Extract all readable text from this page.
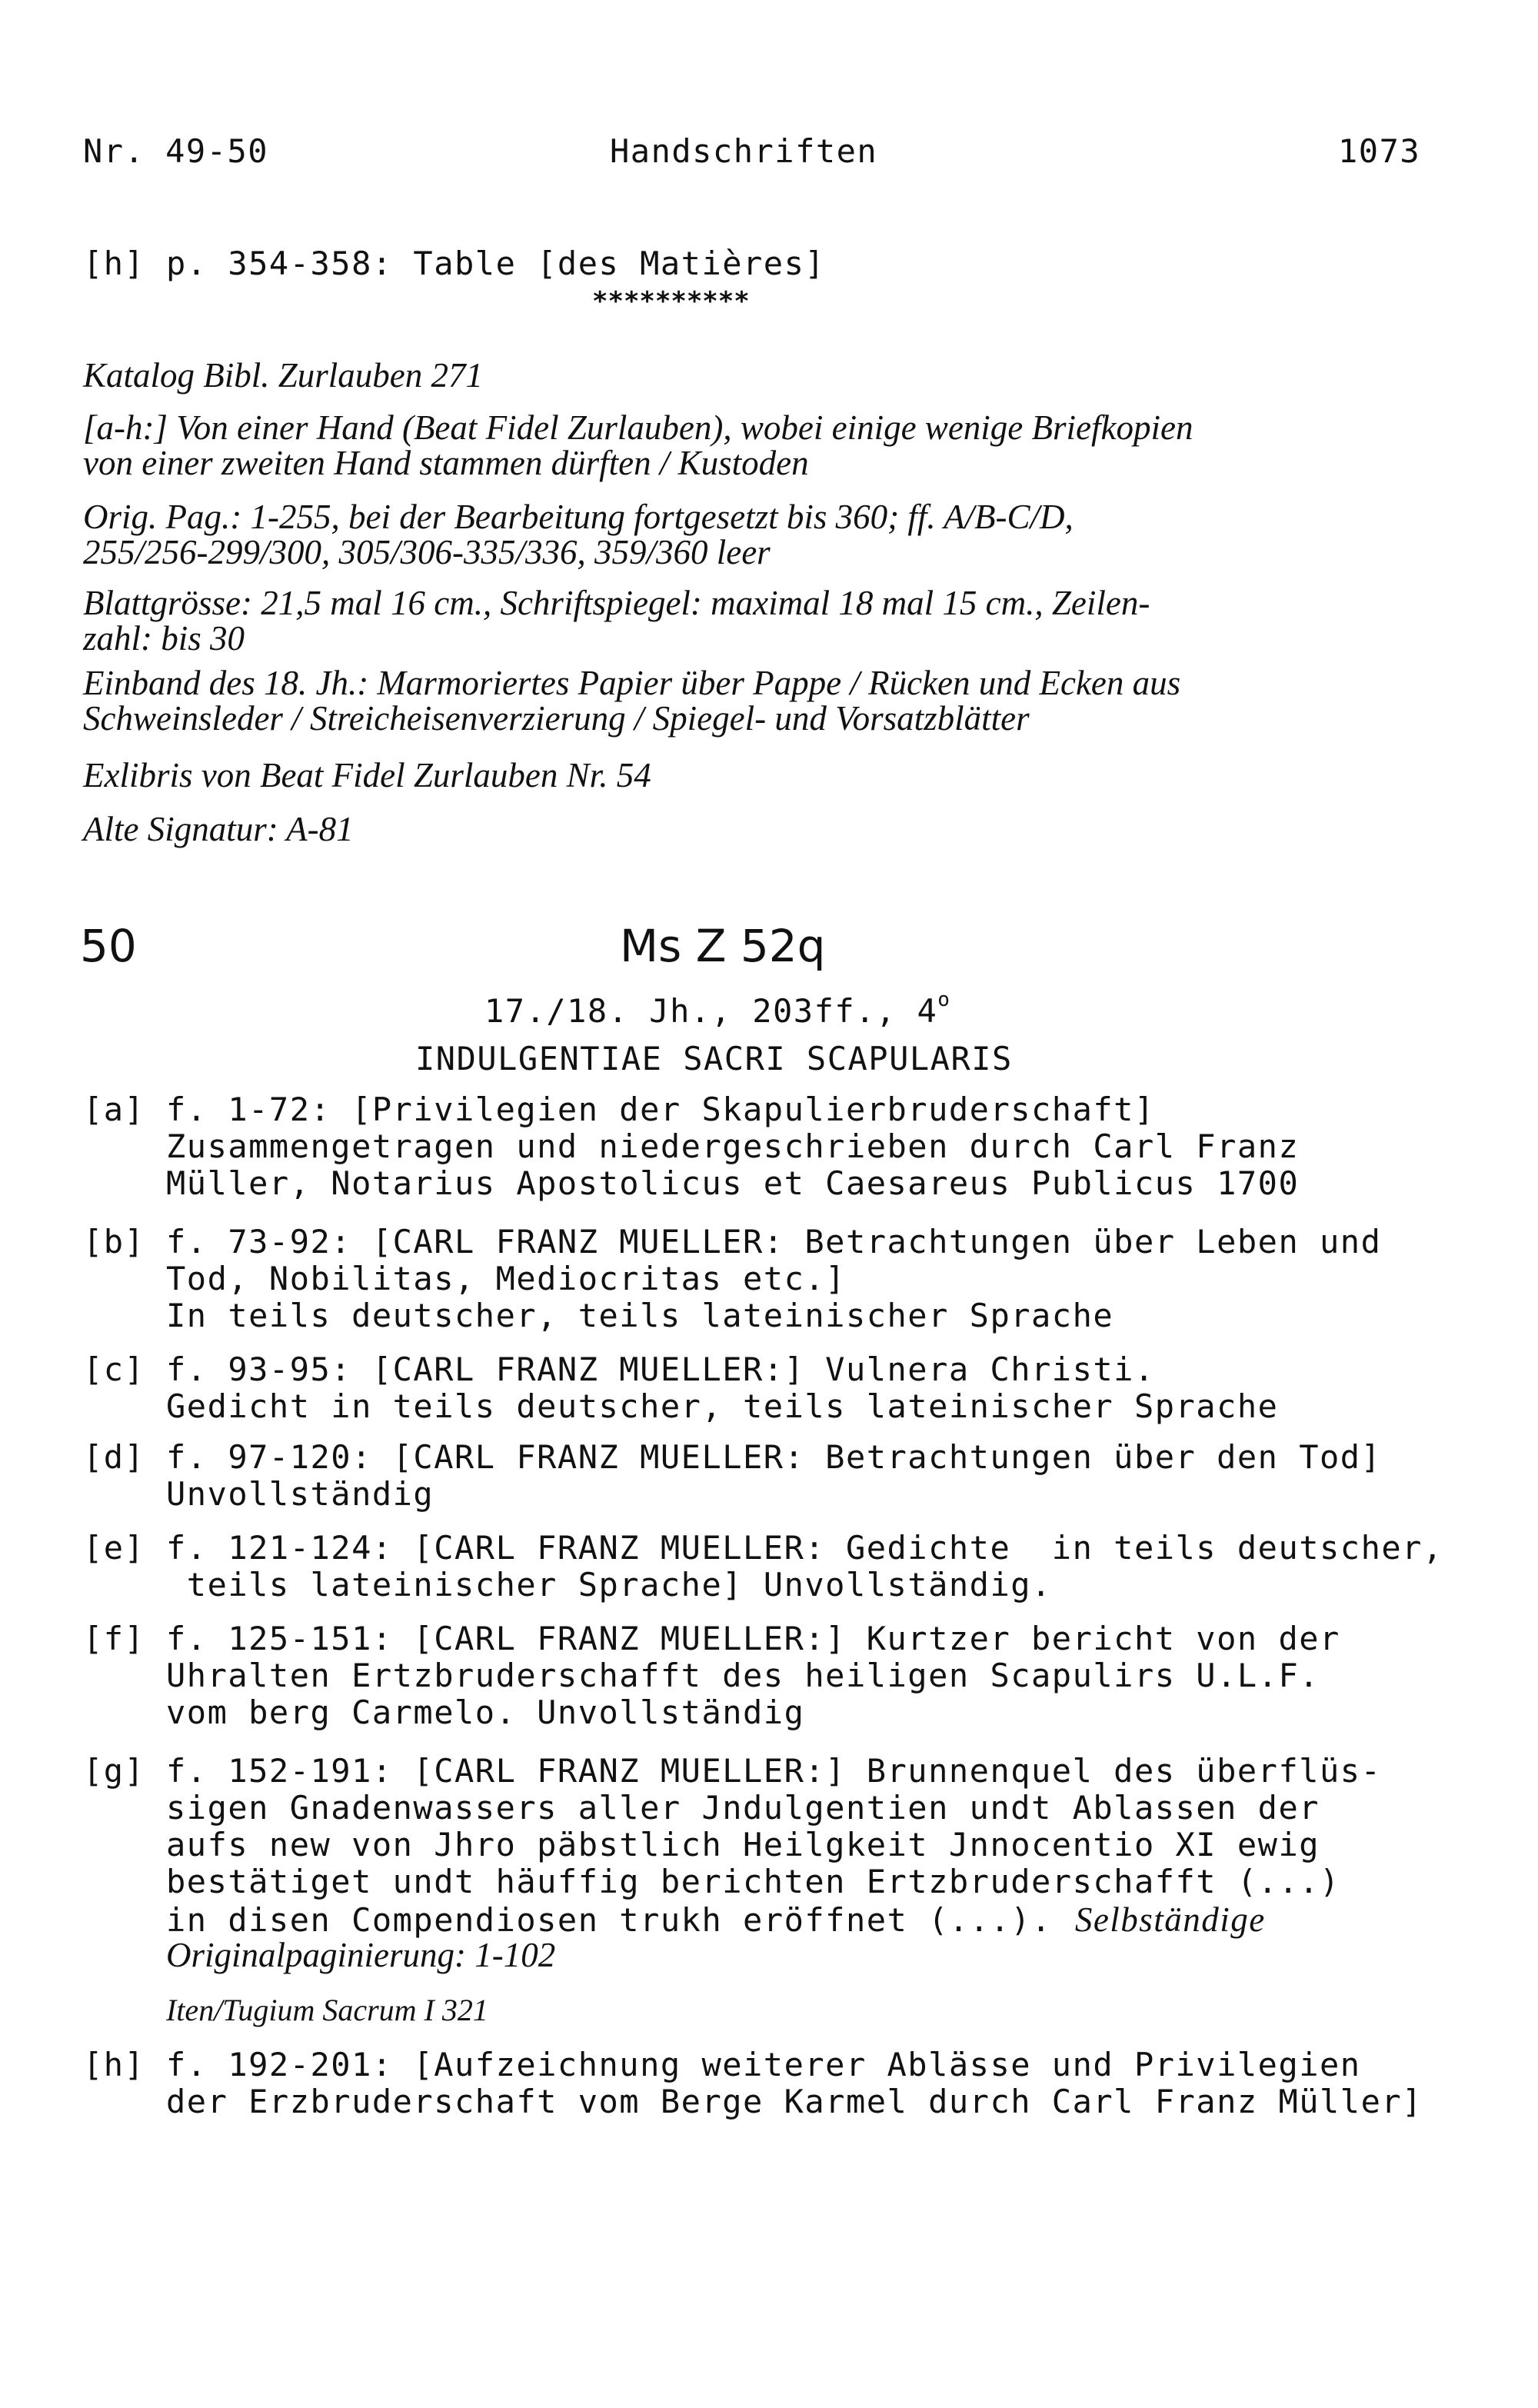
Nr. 49-50	Handschriften	1073
[h] p. 354-358: Table [des Matières]
**********
Katalog Bibl. Zurlauben 271
[a-h:] Von einer Hand (Beat Fidel Zurlauben), wobei einige wenige Briefkopien
von einer zweiten Hand stammen dürften / Kustoden
Orig. Pag.: 1-255, bei der Bearbeitung fortgesetzt bis 360; ff. A/B-C/D,
255/256-299/300, 305/306-335/336, 359/360 leer
Blattgrösse: 21,5 mal 16 cm., Schriftspiegel: maximal 18 mal 15 cm., Zeilen-
zahl: bis 30
Einband des 18. Jh.: Marmoriertes Papier über Pappe / Rücken und Ecken aus
Schweinsleder / Streicheisenverzierung / Spiegel- und Vorsatzblätter
Exlibris von Beat Fidel Zurlauben Nr. 54
Alte Signatur: A-81
50	Ms Z 52q
17./18. Jh., 203ff., 4$^o$
INDULGENTIAE SACRI SCAPULARIS
[a] f. 1-72: [Privilegien der Skapulierbruderschaft]
Zusammengetragen und niedergeschrieben durch Carl Franz
Müller, Notarius Apostolicus et Caesareus Publicus 1700
[b] f. 73-92: [CARL FRANZ MUELLER: Betrachtungen über Leben und
Tod, Nobilitas, Mediocritas etc.]
In teils deutscher, teils lateinischer Sprache
[c] f. 93-95: [CARL FRANZ MUELLER:] Vulnera Christi.
Gedicht in teils deutscher, teils lateinischer Sprache
[d] f. 97-120: [CARL FRANZ MUELLER: Betrachtungen über den Tod]
Unvollständig
[e] f. 121-124: [CARL FRANZ MUELLER: Gedichte  in teils deutscher,
teils lateinischer Sprache] Unvollständig.
[f] f. 125-151: [CARL FRANZ MUELLER:] Kurtzer bericht von der
Uhralten Ertzbruderschafft des heiligen Scapulirs U.L.F.
vom berg Carmelo. Unvollständig
[g] f. 152-191: [CARL FRANZ MUELLER:] Brunnenquel des überflüs-
sigen Gnadenwassers aller Jndulgentien undt Ablassen der
aufs new von Jhro päbstlich Heilgkeit Jnnocentio XI ewig
bestätiget undt häuffig berichten Ertzbruderschafft (...)
in disen Compendiosen trukh eröffnet (...). Selbständige
Originalpaginierung: 1-102
Iten/Tugium Sacrum I 321
[h] f. 192-201: [Aufzeichnung weiterer Ablässe und Privilegien
der Erzbruderschaft vom Berge Karmel durch Carl Franz Müller]
